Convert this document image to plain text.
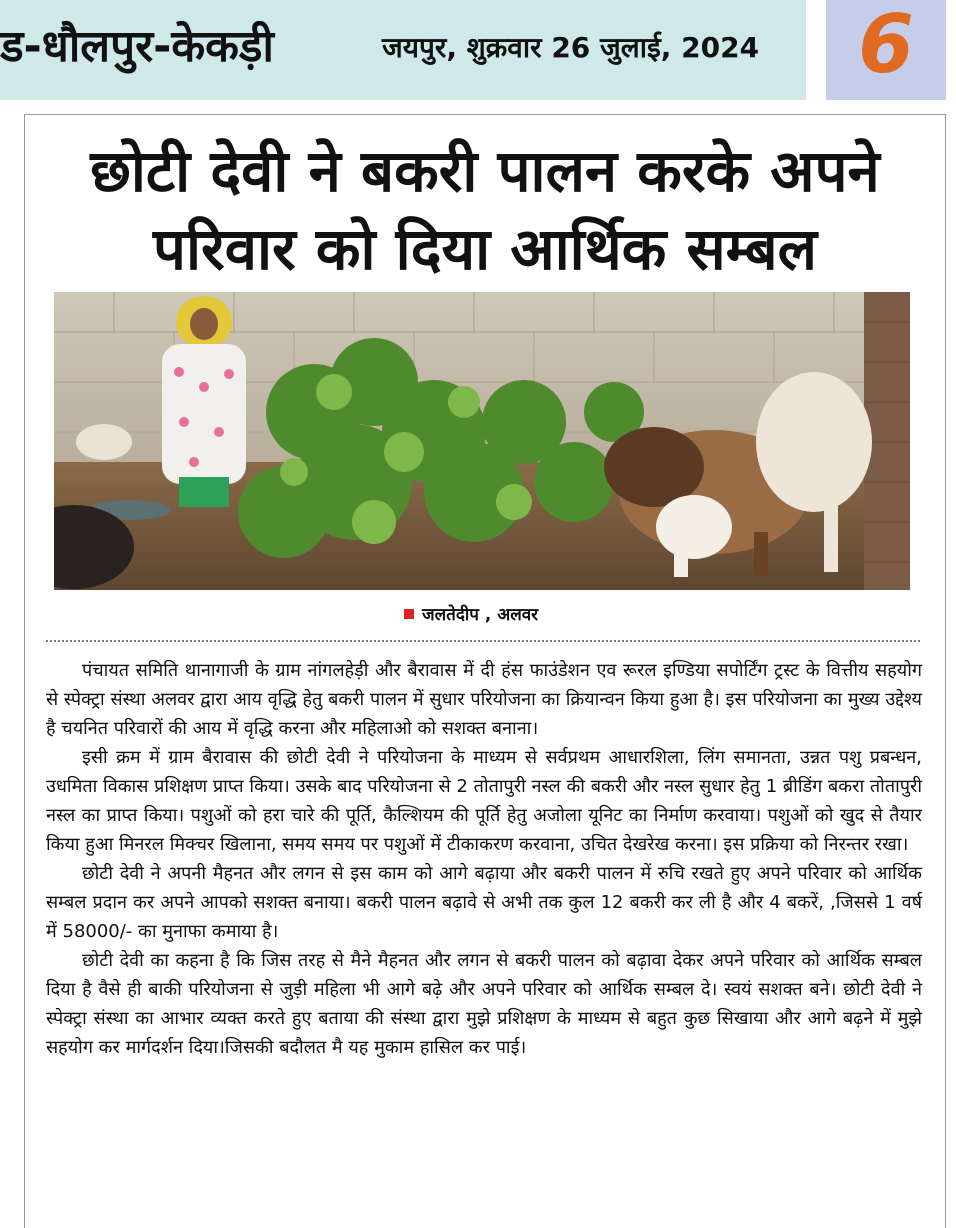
ड-धौलपुर-केकड़ी	जयपुर, शुक्रवार 26 जुलाई, 2024	6
छोटी देवी ने बकरी पालन करके अपने
परिवार को दिया आर्थिक सम्बल
जलतेदीप , अलवर

पंचायत समिति थानागाजी के ग्राम नांगलहेड़ी और बैरावास में दी हंस फाउंडेशन एव रूरल इण्डिया सपोर्टिंग ट्रस्ट के वित्तीय सहयोग से स्पेक्ट्रा संस्था अलवर द्वारा आय वृद्धि हेतु बकरी पालन में सुधार परियोजना का क्रियान्वन किया हुआ है। इस परियोजना का मुख्य उद्देश्य है चयनित परिवारों की आय में वृद्धि करना और महिलाओ को सशक्त बनाना।

इसी क्रम में ग्राम बैरावास की छोटी देवी ने परियोजना के माध्यम से सर्वप्रथम आधारशिला, लिंग समानता, उन्नत पशु प्रबन्धन, उधमिता विकास प्रशिक्षण प्राप्त किया। उसके बाद परियोजना से 2 तोतापुरी नस्ल की बकरी और नस्ल सुधार हेतु 1 ब्रीडिंग बकरा तोतापुरी नस्ल का प्राप्त किया। पशुओं को हरा चारे की पूर्ति, कैल्शियम की पूर्ति हेतु अजोला यूनिट का निर्माण करवाया। पशुओं को खुद से तैयार किया हुआ मिनरल मिक्चर खिलाना, समय समय पर पशुओं में टीकाकरण करवाना, उचित देखरेख करना। इस प्रक्रिया को निरन्तर रखा।

छोटी देवी ने अपनी मैहनत और लगन से इस काम को आगे बढ़ाया और बकरी पालन में रुचि रखते हुए अपने परिवार को आर्थिक सम्बल प्रदान कर अपने आपको सशक्त बनाया। बकरी पालन बढ़ावे से अभी तक कुल 12 बकरी कर ली है और 4 बकरें, ,जिससे 1 वर्ष में 58000/- का मुनाफा कमाया है।

छोटी देवी का कहना है कि जिस तरह से मैने मैहनत और लगन से बकरी पालन को बढ़ावा देकर अपने परिवार को आर्थिक सम्बल दिया है वैसे ही बाकी परियोजना से जुड़ी महिला भी आगे बढ़े और अपने परिवार को आर्थिक सम्बल दे। स्वयं सशक्त बने। छोटी देवी ने स्पेक्ट्रा संस्था का आभार व्यक्त करते हुए बताया की संस्था द्वारा मुझे प्रशिक्षण के माध्यम से बहुत कुछ सिखाया और आगे बढ़ने में मुझे सहयोग कर मार्गदर्शन दिया।जिसकी बदौलत मै यह मुकाम हासिल कर पाई।
